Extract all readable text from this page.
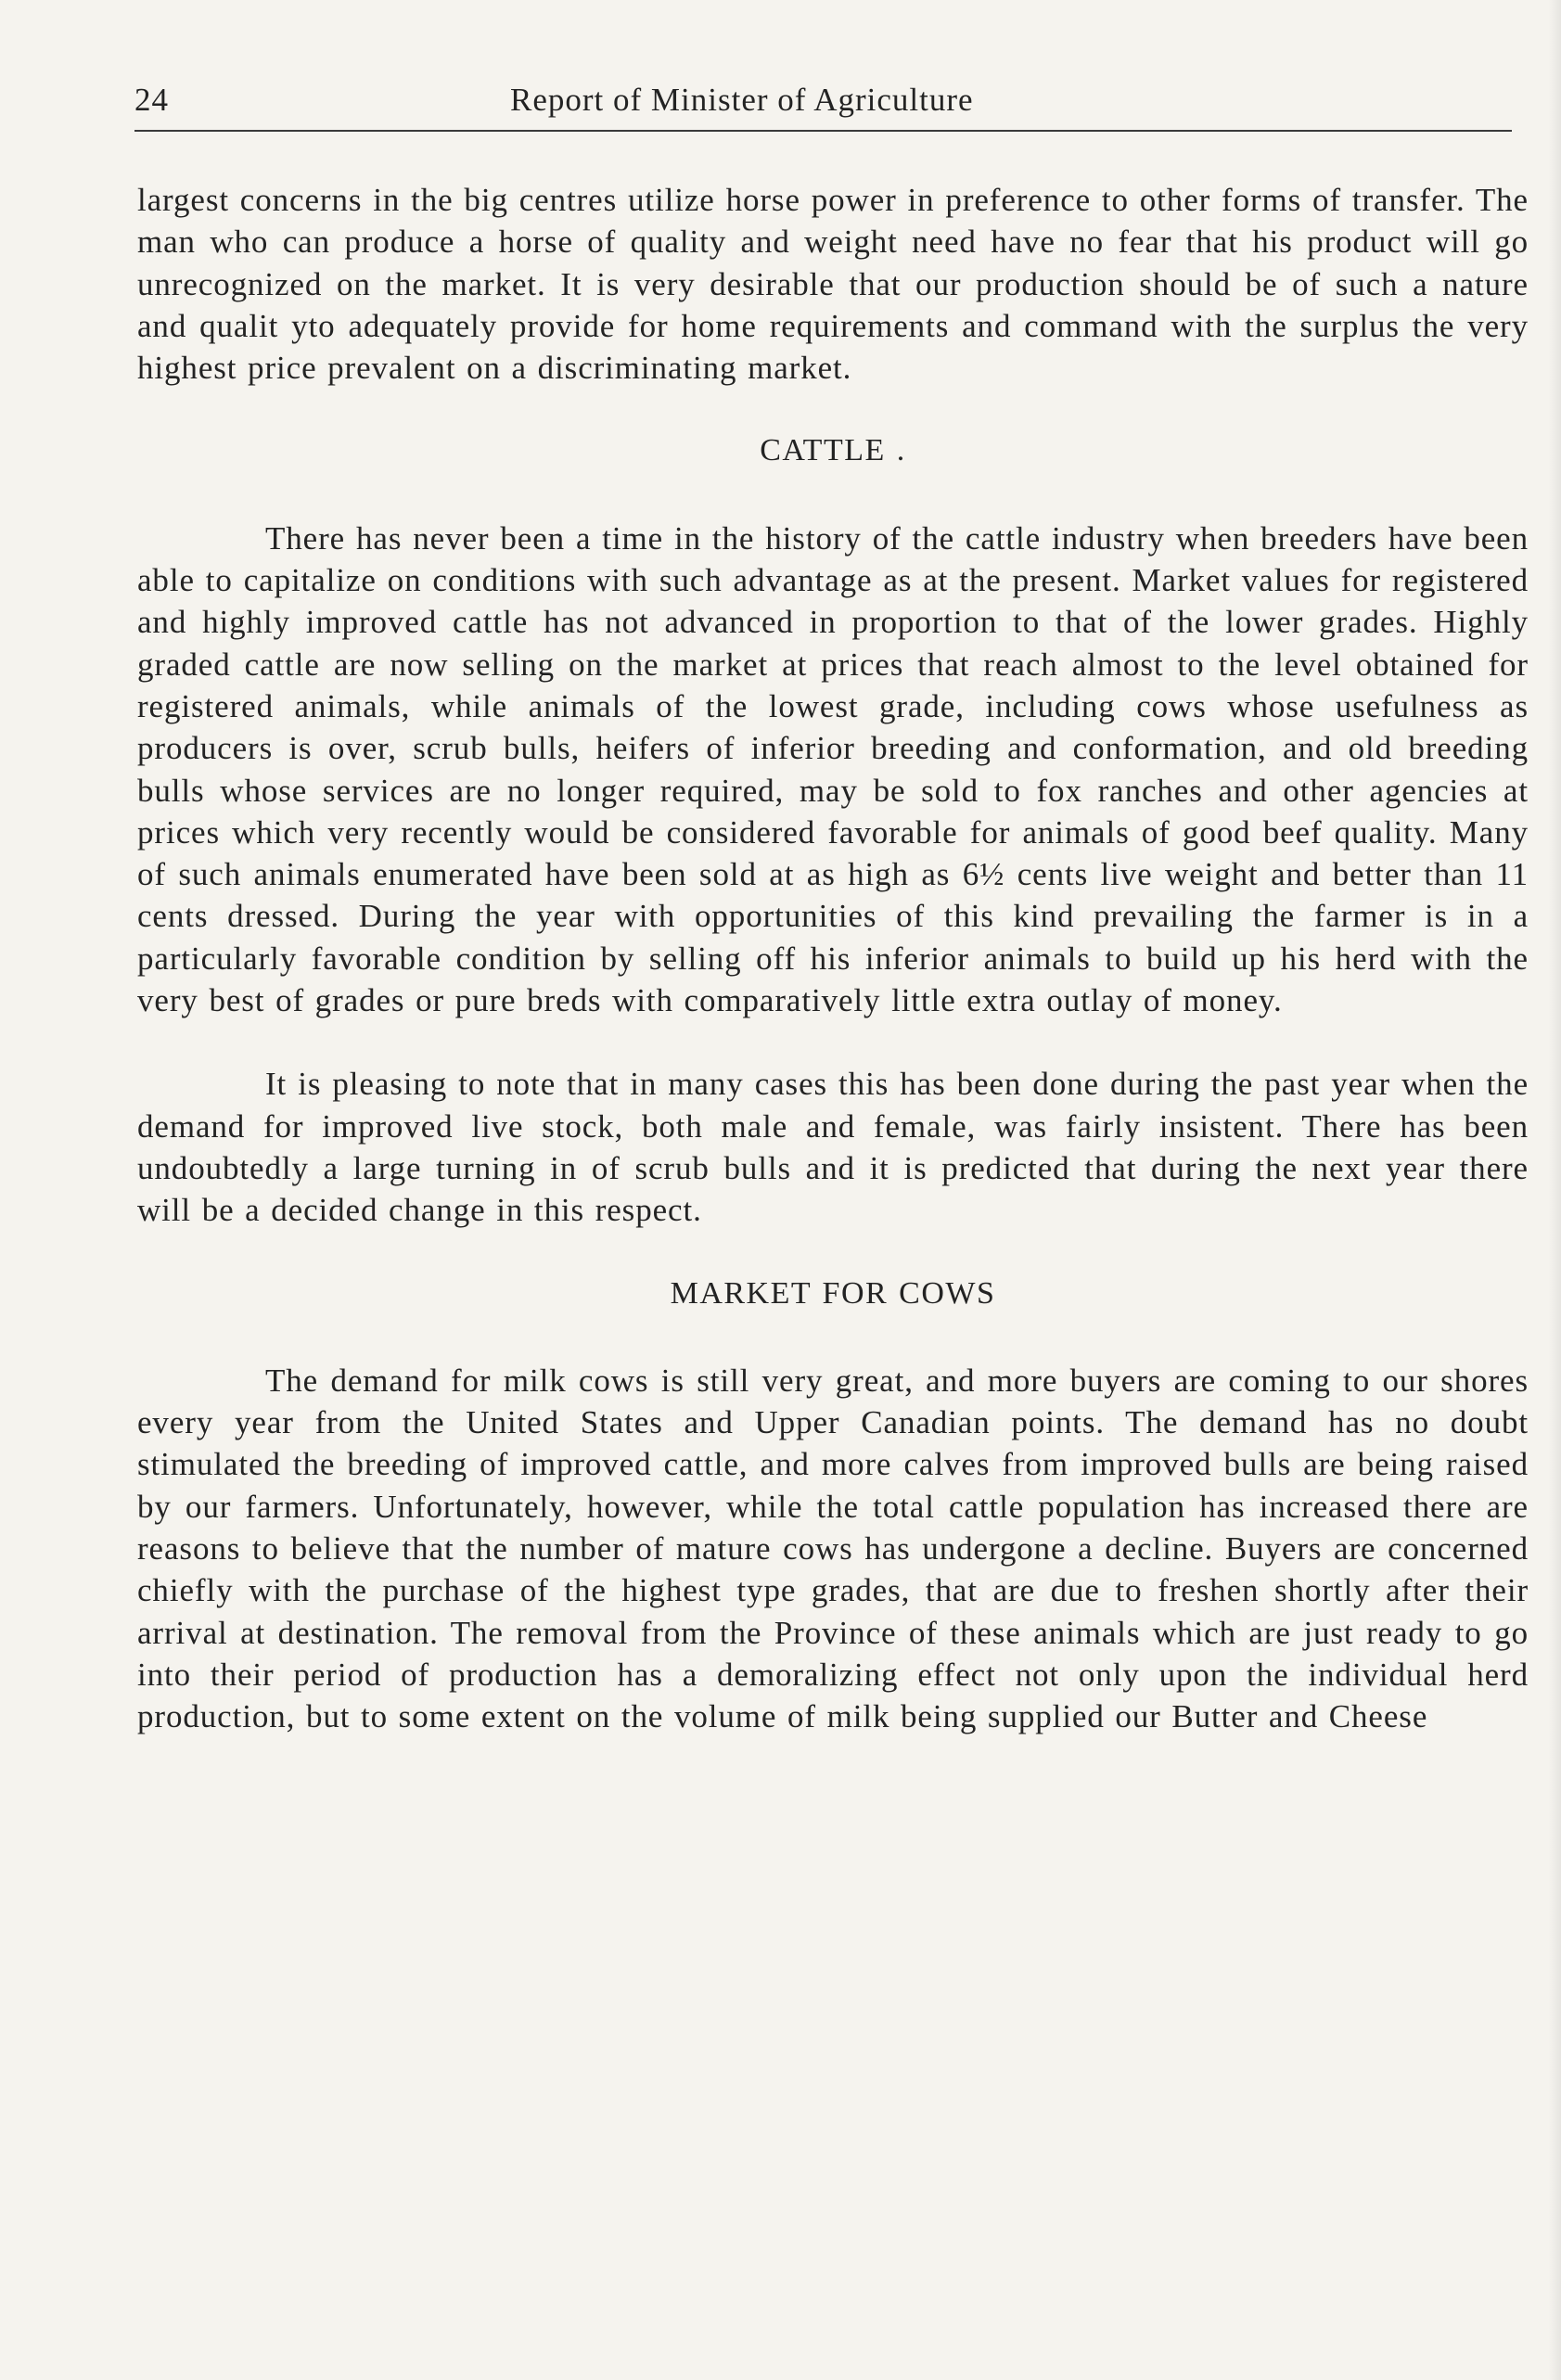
24	Report of Minister of Agriculture

largest concerns in the big centres utilize horse power in preference to other forms of transfer. The man who can produce a horse of quality and weight need have no fear that his product will go unrecognized on the market. It is very desirable that our production should be of such a nature and qualit yto adequately provide for home requirements and command with the surplus the very highest price prevalent on a discriminating market.

CATTLE .

There has never been a time in the history of the cattle industry when breeders have been able to capitalize on conditions with such advantage as at the present. Market values for registered and highly improved cattle has not advanced in proportion to that of the lower grades. Highly graded cattle are now selling on the market at prices that reach almost to the level obtained for registered animals, while animals of the lowest grade, including cows whose usefulness as producers is over, scrub bulls, heifers of inferior breeding and conformation, and old breeding bulls whose services are no longer required, may be sold to fox ranches and other agencies at prices which very recently would be considered favorable for animals of good beef quality. Many of such animals enumerated have been sold at as high as 6½ cents live weight and better than 11 cents dressed. During the year with opportunities of this kind prevailing the farmer is in a particularly favorable condition by selling off his inferior animals to build up his herd with the very best of grades or pure breds with comparatively little extra outlay of money.

It is pleasing to note that in many cases this has been done during the past year when the demand for improved live stock, both male and female, was fairly insistent. There has been undoubtedly a large turning in of scrub bulls and it is predicted that during the next year there will be a decided change in this respect.

MARKET FOR COWS

The demand for milk cows is still very great, and more buyers are coming to our shores every year from the United States and Upper Canadian points. The demand has no doubt stimulated the breeding of improved cattle, and more calves from improved bulls are being raised by our farmers. Unfortunately, however, while the total cattle population has increased there are reasons to believe that the number of mature cows has undergone a decline. Buyers are concerned chiefly with the purchase of the highest type grades, that are due to freshen shortly after their arrival at destination. The removal from the Province of these animals which are just ready to go into their period of production has a demoralizing effect not only upon the individual herd production, but to some extent on the volume of milk being supplied our Butter and Cheese
